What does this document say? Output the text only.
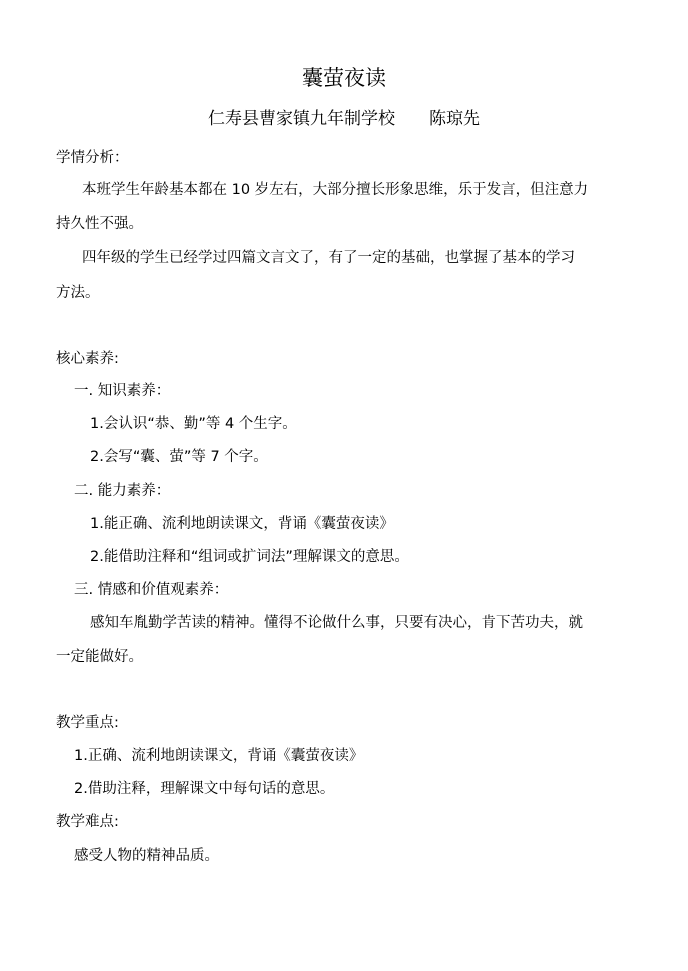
囊萤夜读
仁寿县曹家镇九年制学校 陈琼先
学情分析：
本班学生年龄基本都在 10 岁左右，大部分擅长形象思维，乐于发言，但注意力
持久性不强。
四年级的学生已经学过四篇文言文了，有了一定的基础，也掌握了基本的学习
方法。
核心素养:
一. 知识素养：
1.会认识“恭、勤”等 4 个生字。
2.会写“囊、萤”等 7 个字。
二. 能力素养：
1.能正确、流利地朗读课文，背诵《囊萤夜读》
2.能借助注释和“组词或扩词法”理解课文的意思。
三. 情感和价值观素养：
感知车胤勤学苦读的精神。懂得不论做什么事，只要有决心，肯下苦功夫，就
一定能做好。
教学重点:
1.正确、流利地朗读课文，背诵《囊萤夜读》
2.借助注释，理解课文中每句话的意思。
教学难点:
感受人物的精神品质。
